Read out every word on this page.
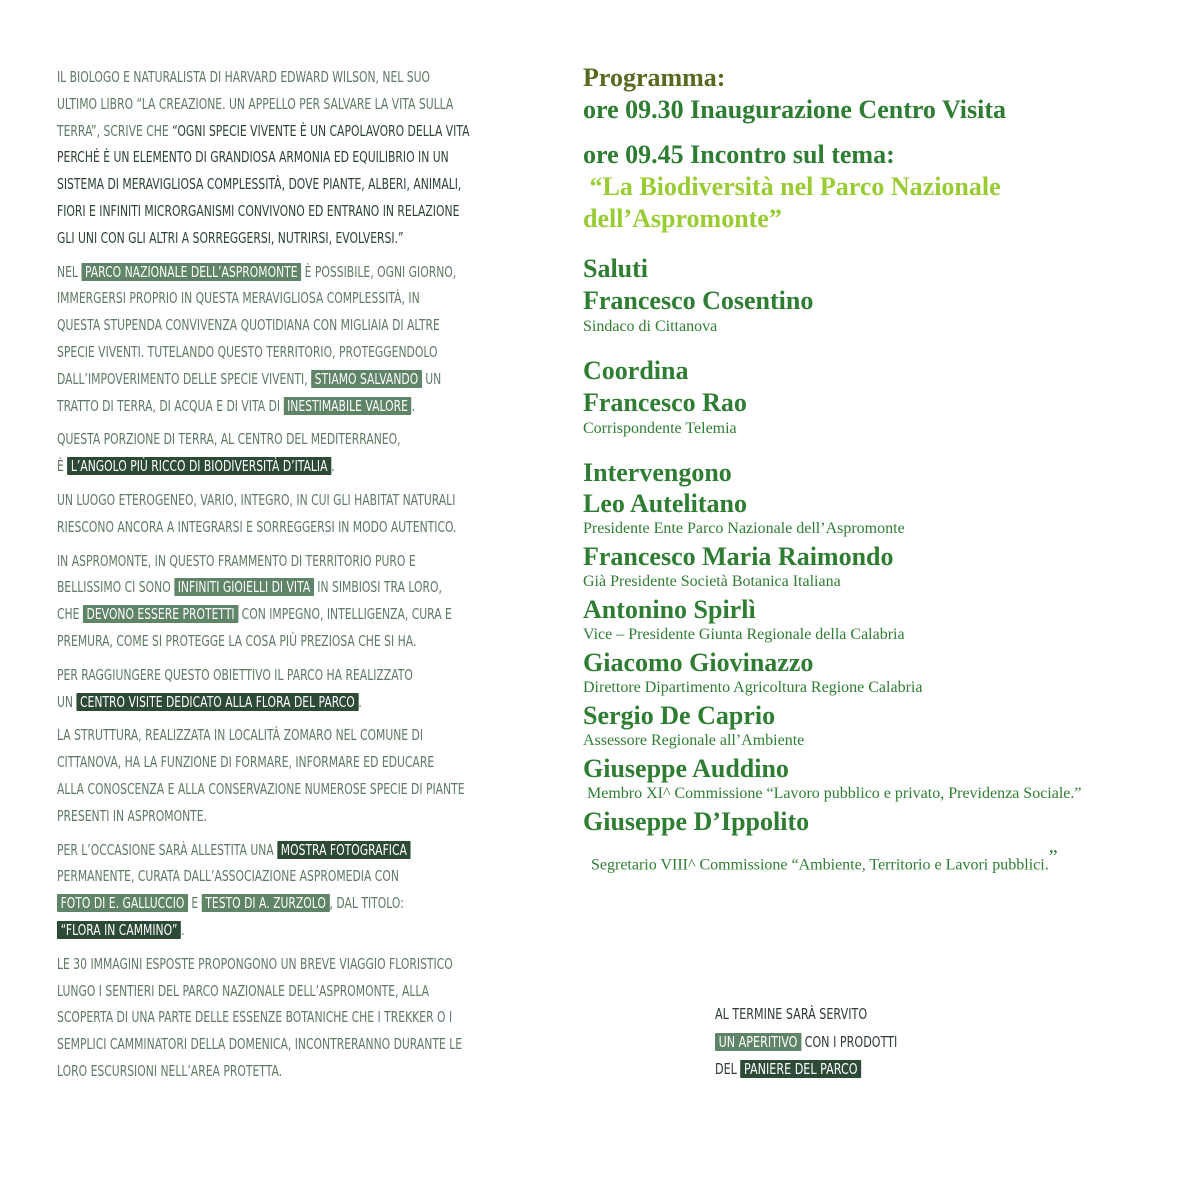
IL BIOLOGO E NATURALISTA DI HARVARD EDWARD WILSON, NEL SUO
ULTIMO LIBRO “LA CREAZIONE. UN APPELLO PER SALVARE LA VITA SULLA
TERRA”, SCRIVE CHE “OGNI SPECIE VIVENTE È UN CAPOLAVORO DELLA VITA
PERCHÉ È UN ELEMENTO DI GRANDIOSA ARMONIA ED EQUILIBRIO IN UN
SISTEMA DI MERAVIGLIOSA COMPLESSITÀ, DOVE PIANTE, ALBERI, ANIMALI,
FIORI E INFINITI MICRORGANISMI CONVIVONO ED ENTRANO IN RELAZIONE
GLI UNI CON GLI ALTRI A SORREGGERSI, NUTRIRSI, EVOLVERSI.”

NEL PARCO NAZIONALE DELL’ASPROMONTE È POSSIBILE, OGNI GIORNO,
IMMERGERSI PROPRIO IN QUESTA MERAVIGLIOSA COMPLESSITÀ, IN
QUESTA STUPENDA CONVIVENZA QUOTIDIANA CON MIGLIAIA DI ALTRE
SPECIE VIVENTI. TUTELANDO QUESTO TERRITORIO, PROTEGGENDOLO
DALL’IMPOVERIMENTO DELLE SPECIE VIVENTI, STIAMO SALVANDO UN
TRATTO DI TERRA, DI ACQUA E DI VITA DI INESTIMABILE VALORE .

QUESTA PORZIONE DI TERRA, AL CENTRO DEL MEDITERRANEO,
È L’ANGOLO PIÙ RICCO DI BIODIVERSITÀ D’ITALIA .

UN LUOGO ETEROGENEO, VARIO, INTEGRO, IN CUI GLI HABITAT NATURALI
RIESCONO ANCORA A INTEGRARSI E SORREGGERSI IN MODO AUTENTICO.

IN ASPROMONTE, IN QUESTO FRAMMENTO DI TERRITORIO PURO E
BELLISSIMO CI SONO INFINITI GIOIELLI DI VITA IN SIMBIOSI TRA LORO,
CHE DEVONO ESSERE PROTETTI CON IMPEGNO, INTELLIGENZA, CURA E
PREMURA, COME SI PROTEGGE LA COSA PIÙ PREZIOSA CHE SI HA.

PER RAGGIUNGERE QUESTO OBIETTIVO IL PARCO HA REALIZZATO
UN CENTRO VISITE DEDICATO ALLA FLORA DEL PARCO .

LA STRUTTURA, REALIZZATA IN LOCALITÀ ZOMARO NEL COMUNE DI
CITTANOVA, HA LA FUNZIONE DI FORMARE, INFORMARE ED EDUCARE
ALLA CONOSCENZA E ALLA CONSERVAZIONE NUMEROSE SPECIE DI PIANTE
PRESENTI IN ASPROMONTE.

PER L’OCCASIONE SARÀ ALLESTITA UNA MOSTRA FOTOGRAFICA
PERMANENTE, CURATA DALL’ASSOCIAZIONE ASPROMEDIA CON
FOTO DI E. GALLUCCIO E TESTO DI A. ZURZOLO , DAL TITOLO:
“FLORA IN CAMMINO” .

LE 30 IMMAGINI ESPOSTE PROPONGONO UN BREVE VIAGGIO FLORISTICO
LUNGO I SENTIERI DEL PARCO NAZIONALE DELL’ASPROMONTE, ALLA
SCOPERTA DI UNA PARTE DELLE ESSENZE BOTANICHE CHE I TREKKER O I
SEMPLICI CAMMINATORI DELLA DOMENICA, INCONTRERANNO DURANTE LE
LORO ESCURSIONI NELL’AREA PROTETTA.

Programma:

ore 09.30 Inaugurazione Centro Visita

ore 09.45 Incontro sul tema:

“La Biodiversità nel Parco Nazionale

dell’Aspromonte”

Saluti

Francesco Cosentino

Sindaco di Cittanova

Coordina

Francesco Rao

Corrispondente Telemia

Intervengono

Leo Autelitano

Presidente Ente Parco Nazionale dell’Aspromonte

Francesco Maria Raimondo

Già Presidente Società Botanica Italiana

Antonino Spirlì

Vice – Presidente Giunta Regionale della Calabria

Giacomo Giovinazzo

Direttore Dipartimento Agricoltura Regione Calabria

Sergio De Caprio

Assessore Regionale all’Ambiente

Giuseppe Auddino

Membro XI^ Commissione “Lavoro pubblico e privato, Previdenza Sociale.”

Giuseppe D’Ippolito

Segretario VIII^ Commissione “Ambiente, Territorio e Lavori pubblici.”

AL TERMINE SARÀ SERVITO
UN APERITIVO CON I PRODOTTI
DEL PANIERE DEL PARCO
